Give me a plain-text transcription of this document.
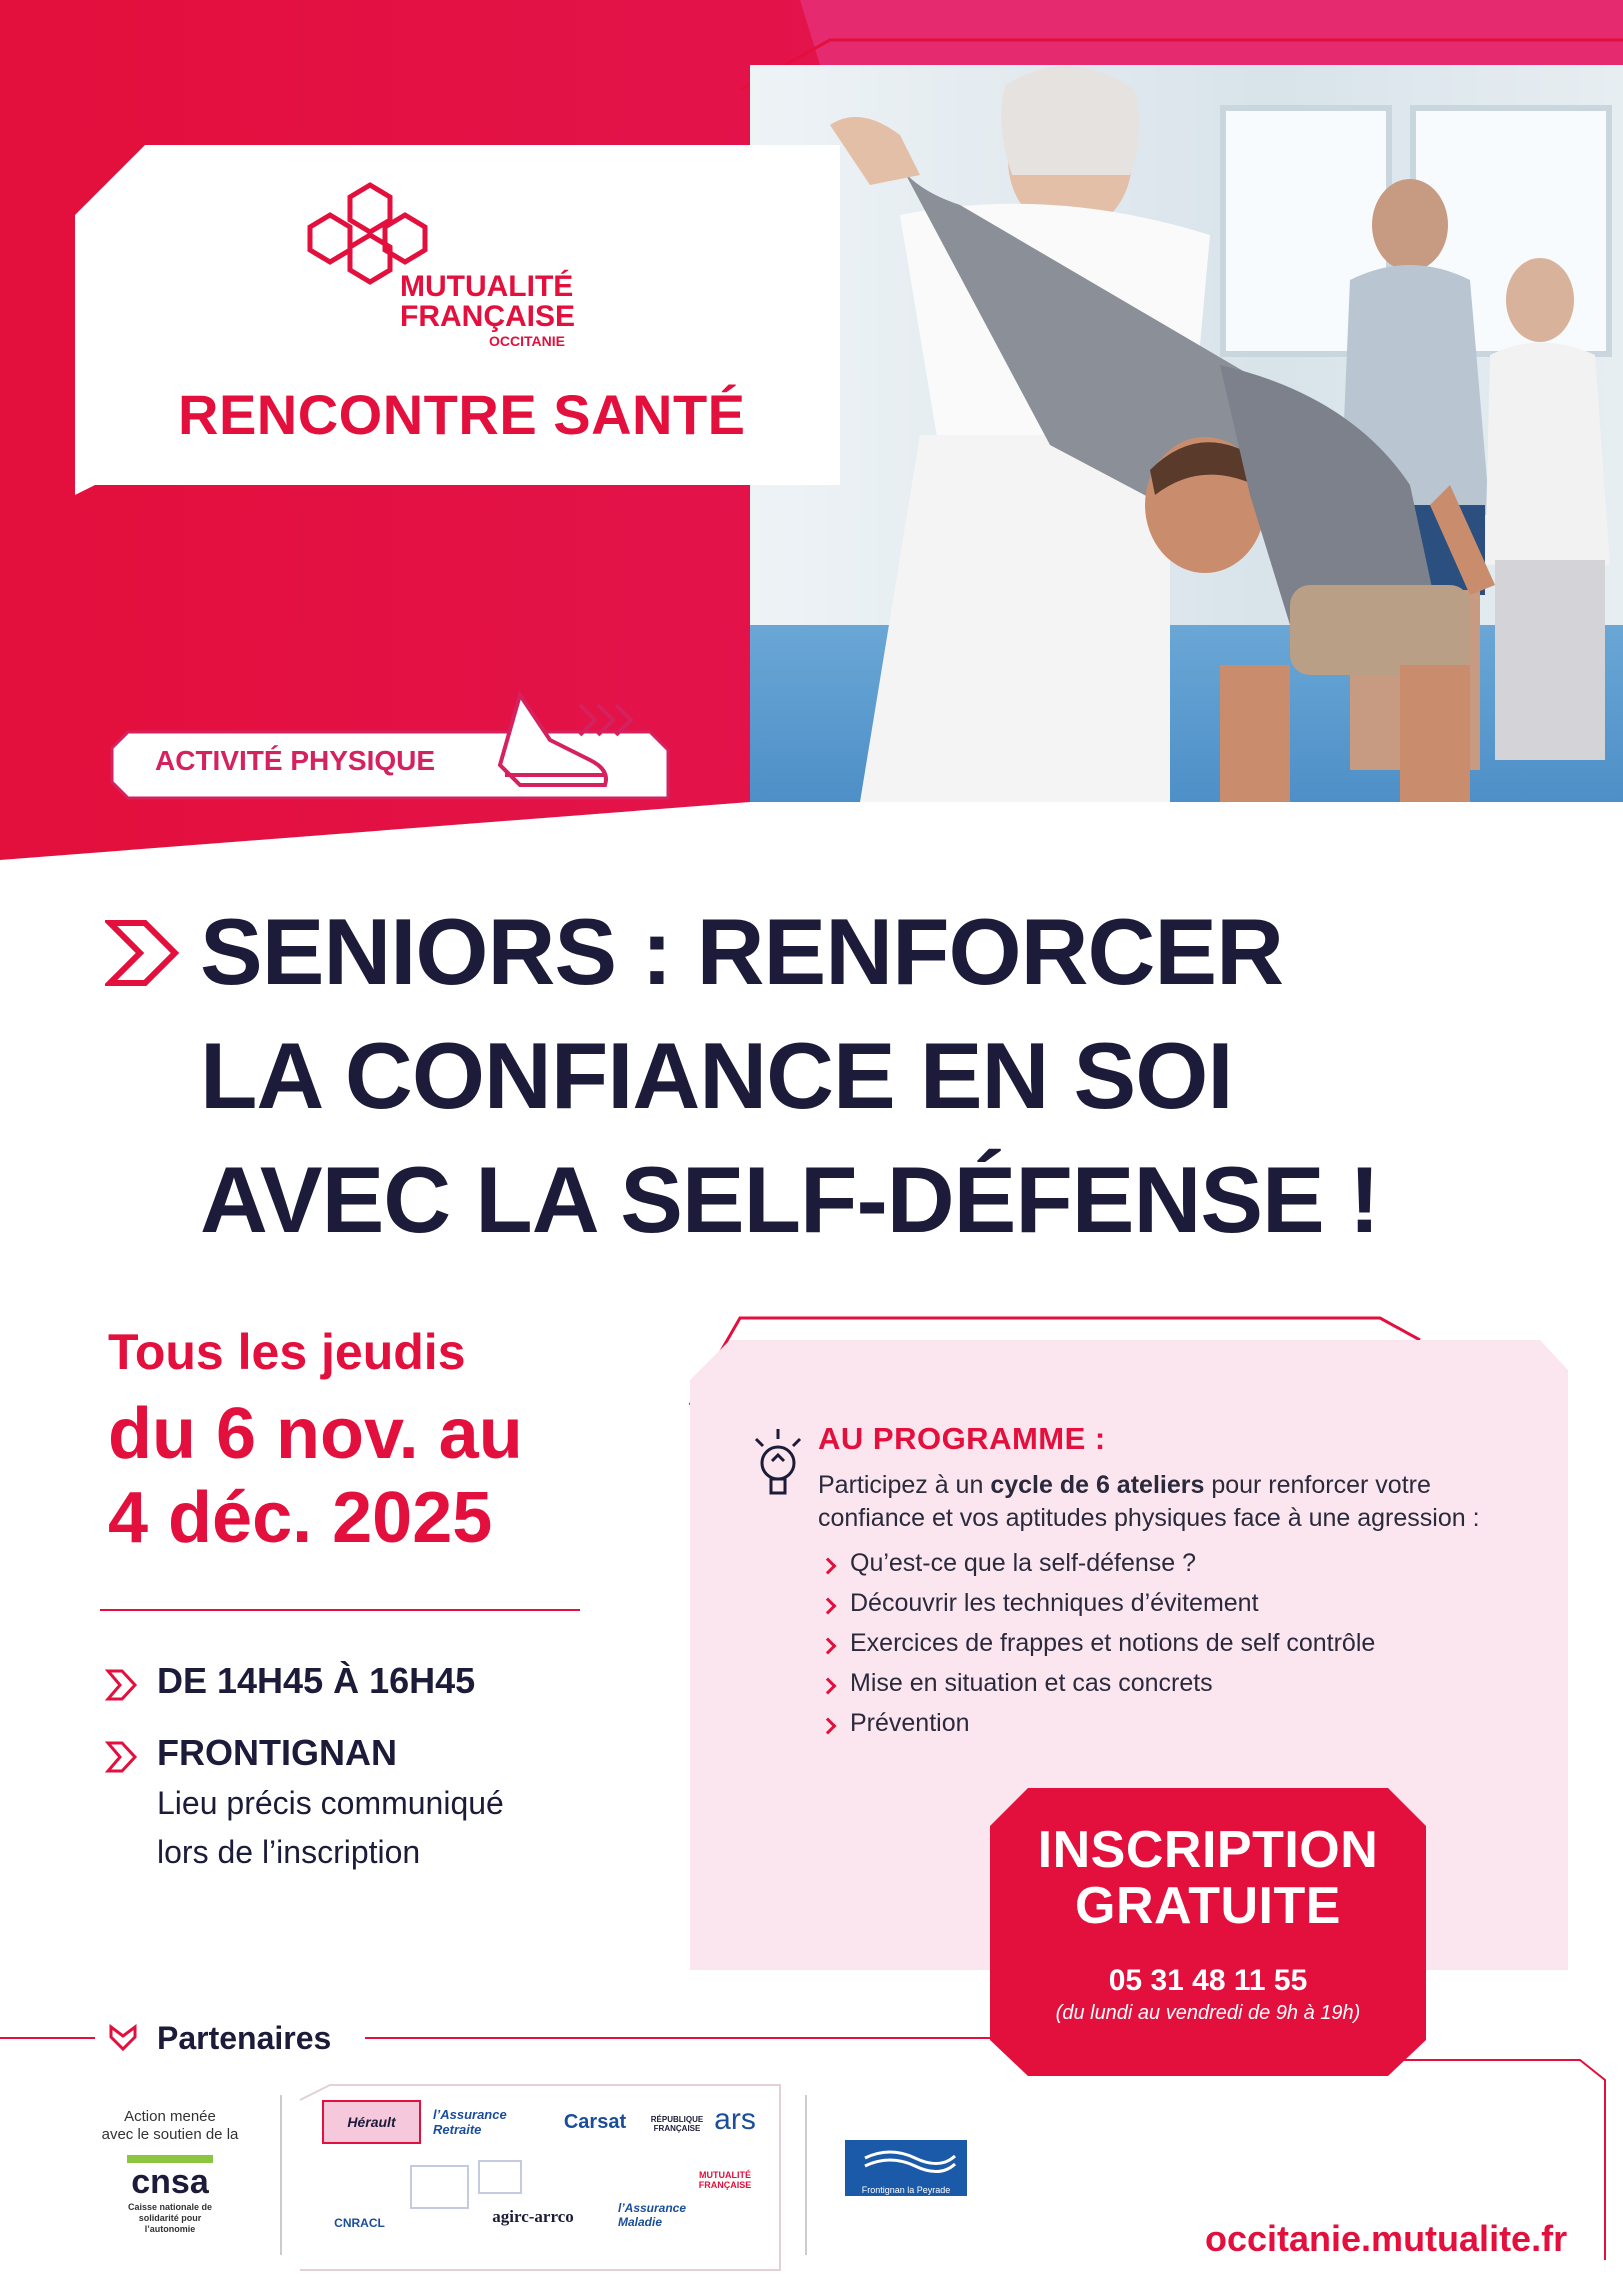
MUTUALITÉ
FRANÇAISE
OCCITANIE
RENCONTRE SANTÉ
ACTIVITÉ PHYSIQUE
SENIORS : RENFORCER
LA CONFIANCE EN SOI
AVEC LA SELF-DÉFENSE !
Tous les jeudis
du 6 nov. au
4 déc. 2025
DE 14H45 À 16H45
FRONTIGNAN
Lieu précis communiqué
lors de l’inscription
AU PROGRAMME :
Participez à un cycle de 6 ateliers pour renforcer votre confiance et vos aptitudes physiques face à une agression :
Qu’est-ce que la self-défense ?
Découvrir les techniques d’évitement
Exercices de frappes et notions de self contrôle
Mise en situation et cas concrets
Prévention
INSCRIPTION
GRATUITE
05 31 48 11 55
(du lundi au vendredi de 9h à 19h)
Partenaires
Action menée
avec le soutien de la
cnsa
Caisse nationale de
solidarité pour l’autonomie
Hérault	l’Assurance Retraite	Carsat	RÉPUBLIQUE FRANÇAISE ars
CNRACL	agirc-arrco	l’Assurance Maladie
MUTUALITÉ FRANÇAISE	Frontignan la Peyrade
occitanie.mutualite.fr
